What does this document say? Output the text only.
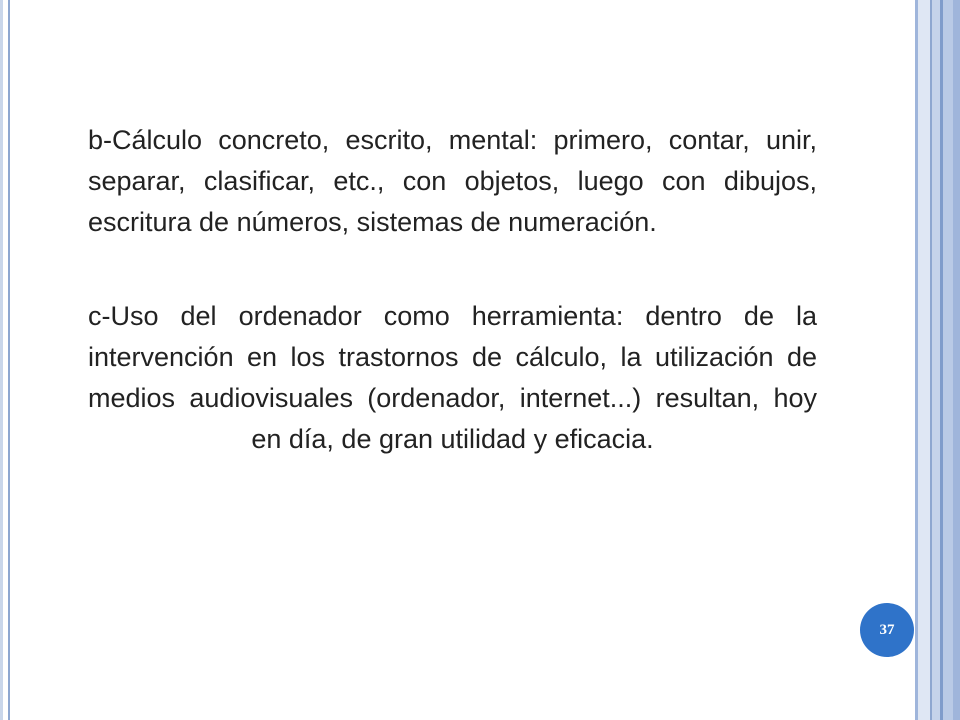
b-Cálculo concreto, escrito, mental: primero, contar, unir, separar, clasificar, etc., con objetos, luego con dibujos, escritura de números, sistemas de numeración.

c-Uso del ordenador como herramienta: dentro de la intervención en los trastornos de cálculo, la utilización de medios audiovisuales (ordenador, internet...) resultan, hoy en día, de gran utilidad y eficacia.

37
